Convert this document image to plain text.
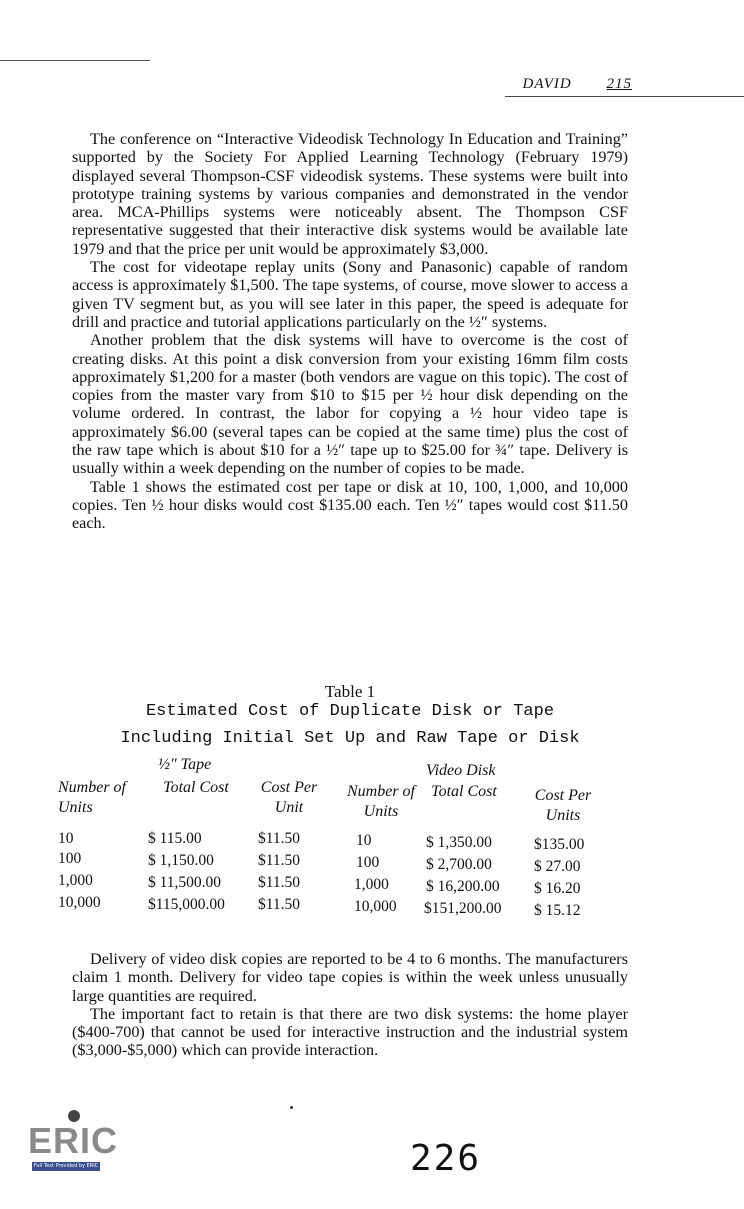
DAVID 215

The conference on “Interactive Videodisk Technology In Education and Training” supported by the Society For Applied Learning Technology (February 1979) displayed several Thompson-CSF videodisk systems. These systems were built into prototype training systems by various companies and demonstrated in the vendor area. MCA-Phillips systems were noticeably absent. The Thompson CSF representative suggested that their interactive disk systems would be available late 1979 and that the price per unit would be approximately $3,000.

The cost for videotape replay units (Sony and Panasonic) capable of random access is approximately $1,500. The tape systems, of course, move slower to access a given TV segment but, as you will see later in this paper, the speed is adequate for drill and practice and tutorial applications particularly on the ½″ systems.

Another problem that the disk systems will have to overcome is the cost of creating disks. At this point a disk conversion from your existing 16mm film costs approximately $1,200 for a master (both vendors are vague on this topic). The cost of copies from the master vary from $10 to $15 per ½ hour disk depending on the volume ordered. In contrast, the labor for copying a ½ hour video tape is approximately $6.00 (several tapes can be copied at the same time) plus the cost of the raw tape which is about $10 for a ½″ tape up to $25.00 for ¾″ tape. Delivery is usually within a week depending on the number of copies to be made.

Table 1 shows the estimated cost per tape or disk at 10, 100, 1,000, and 10,000 copies. Ten ½ hour disks would cost $135.00 each. Ten ½″ tapes would cost $11.50 each.

Table 1
Estimated Cost of Duplicate Disk or Tape
Including Initial Set Up and Raw Tape or Disk
½″ Tape	Video Disk
Number of Units
Total Cost	Cost Per Unit
Number of Units
Total Cost	Cost Per Units
10	$ 115.00	$11.50	10	$ 1,350.00	$135.00
100	$ 1,150.00	$11.50	100	$ 2,700.00	$ 27.00
1,000	$ 11,500.00 $11.50	1,000 $ 16,200.00 $ 16.20
10,000	$115,000.00 $11.50	10,000 $151,200.00 $ 15.12

Delivery of video disk copies are reported to be 4 to 6 months. The manufacturers claim 1 month. Delivery for video tape copies is within the week unless unusually large quantities are required.

The important fact to retain is that there are two disk systems: the home player ($400-700) that cannot be used for interactive instruction and the industrial system ($3,000-$5,000) which can provide interaction.

ERIC
Full Text Provided by ERIC	226
